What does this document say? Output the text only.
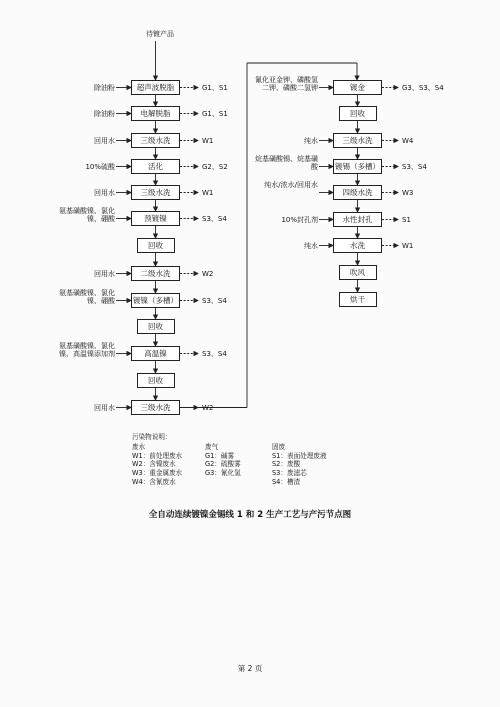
超声波脱脂
除油粉	G1、S1
电解脱脂
除油粉	G1、S1
三级水洗
回用水	W1
活化
10%硫酸	G2、S2
三级水洗
回用水	W1
预镀镍
氨基磺酸镍、氯化镍、硼酸	S3、S4
回收
二级水洗
回用水	W2
镀镍（多槽）
氨基磺酸镍、氯化镍、硼酸	S3、S4
回收
高温镍
氨基磺酸镍、氯化镍、高温镍添加剂	S3、S4
回收
三级水洗
回用水	W2
镀金
氰化亚金钾、磷酸氢二钾、磷酸二氢钾	G3、S3、S4
回收
三级水洗
纯水	W4
镀锡（多槽）
烷基磺酸锡、烷基磺酸	S3、S4
四级水洗
纯水/浓水/回用水
W3
水性封孔
10%封孔剂	S1
水洗
纯水	W1
吹风
烘干
待镀产品
污染物说明：
废水
W1：前处理废水
W2：含镍废水
W3：重金属废水
W4：含氰废水
废气
G1：碱雾
G2：硫酸雾
G3：氰化氢
固废
S1：表面处理废液
S2：废酸
S3：废滤芯
S4：槽渣
全自动连续镀镍金锡线 1 和 2 生产工艺与产污节点图
第 2 页
